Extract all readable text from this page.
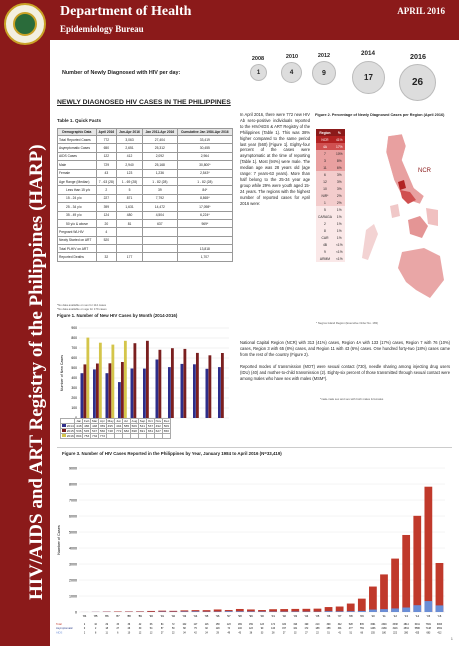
HIV/AIDS and ART Registry of the Philippines (HARP)
Department of Health	APRIL 2016
Epidemiology Bureau
Number of Newly Diagnosed with HIV per day:
2008
1
2010
4
2012
9
2014
17
2016
26
NEWLY DIAGNOSED HIV CASES IN THE PHILIPPINES
Table 1. Quick Facts
Demographic Data	April 2016	Jan-Apr 2016	Jan 2011-Apr 2016	Cumulative Jan 1984-Apr 2016
Total Reported Cases	772	3,063	27,404	33,419
Asymptomatic Cases	650	2,651	25,312	30,455
AIDS Cases	122	412	2,092	2,964
Male	729	2,940	25,168	30,800*
Female	43	123	1,236	2,543*
Age Range (Median)	7 - 63 (28)	1 - 69 (28)	1 - 82 (28)	1 - 82 (28)
Less than 15 y/o	2	5	39	84*
15 - 24 y/o	227	871	7,792	8,865*
25 - 34 y/o	399	1,631	14,472	17,098*
35 - 49 y/o	124	480	4,504	6,224*
50 y/o & above	20	81	637	969*
Pregnant WLHIV	4			
Newly Started on ART	520			
Total PLHIV on ART				13,818
Reported Deaths	32	177		1,707
*No data available on sex for 112 cases
*No data available on age for 179 cases
In April 2016, there were 772 new HIV Ab sero-positive individuals reported to the HIV/AIDS & ART Registry of the Philippines (Table 1). This was 38% higher compared to the same period last year (560) [Figure 1]. Eighty-four percent of the cases were asymptomatic at the time of reporting (Table 1). Most (94%) were male. The median age was 28 years old (age range: 7 years-63 years). More than half belong to the 25-34 year age group while 29% were youth aged 15-24 years. The regions with the highest number of reported cases for April 2016 were:
Figure 2. Percentage of Newly Diagnosed Cases per Region (April 2016)
Region	%
NCR	41%
4A	17%
7	10%
3	8%
11	6%
6	3%
12	3%
10	3%
NIR*	2%
1	2%
5	1%
CARAGA	1%
2	1%
8	1%
CAR	1%
4B	<1%
9	<1%
ARMM	<1%
NCR
* Negros Island Region (Executive Order No. 183)

National Capital Region (NCR) with 313 (41%) cases, Region 4A with 133 (17%) cases, Region 7 with 76 (10%) cases, Region 3 with 65 (8%) cases, and Region 11 with 43 (6%) cases. One hundred forty-two (18%) cases came from the rest of the country (Figure 2).

Reported modes of transmission (MOT) were sexual contact (730), needle sharing among injecting drug users (IDU) (40) and mother-to-child transmission (2). Eighty-six percent of those transmitted through sexual contact were among males who have sex with males (MSM*).

*male-male sex and sex with both males & females
Figure 1. Number of New HIV Cases by Month (2014-2016)
0
100
200
300
400
500
600
700
800
900
Number of New Cases
	Jan	Feb	Mar	Apr	May	Jun	Jul	Aug	Sep	Oct	Nov	Dec
2014	448	486	448	359	495	494	585	509	541	537	492	509
2015	536	545	547	560	748	772	682	698	691	651	627	650
2016	804	753	734	772								
Figure 3. Number of HIV Cases Reported in the Philippines by Year, January 1984 to April 2016 (N=33,419)
0
1000
2000
3000
4000
5000
6000
7000
8000
9000
Number of Cases
'84	'85	'86	'87	'88	'89	'90	'91	'92	'93	'94	'95	'96	'97	'98	'99	'00	'01	'02	'03	'04	'05	'06	'07	'08	'09	'10	'11	'12	'13	'14	'15	'16
Total	2	10	29	33	36	42	66	84	72	102	117	116	158	123	189	159	123	174	184	193	199	210	309	342	528	835	1591	2349	3338	4814	6011	7831	3063
Asymptomatic	0	2	18	27	26	30	54	57	50	68	75	92	129	74	146	123	90	146	157	161	172	188	258	301	477	769	1436	2169	3116	4534	5586	7148	2651
AIDS	2	8	11	6	10	12	12	27	22	34	42	24	29	49	43	36	33	28	27	32	27	22	51	41	51	66	155	180	222	280	425	683	412
1
